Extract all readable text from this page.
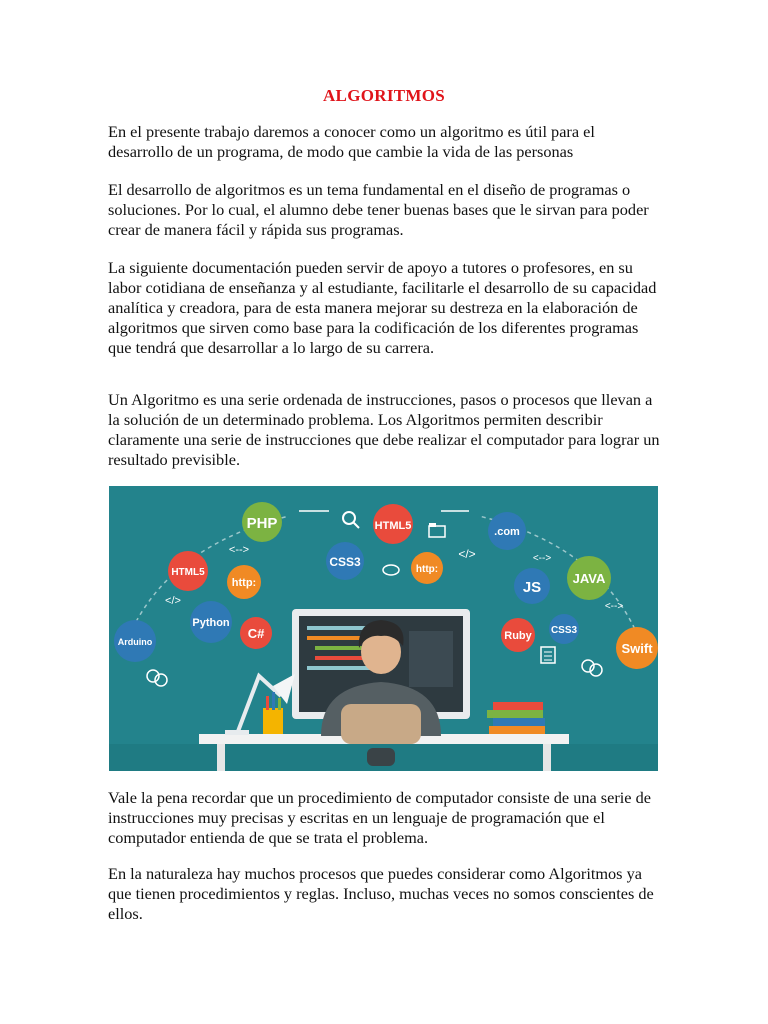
ALGORITMOS

En el presente trabajo daremos a conocer como un algoritmo es útil para el desarrollo de un programa, de modo que cambie la vida de las personas

El desarrollo de algoritmos es un tema fundamental en el diseño de programas o soluciones. Por lo cual, el alumno debe tener buenas bases que le sirvan para poder crear de manera fácil y rápida sus programas.

La siguiente documentación pueden servir de apoyo a tutores o profesores, en su labor cotidiana de enseñanza y al estudiante, facilitarle el desarrollo de su capacidad analítica y creadora, para de esta manera mejorar su destreza en la elaboración de algoritmos que sirven como base para la codificación de los diferentes programas que tendrá que desarrollar a lo largo de su carrera.

Un Algoritmo es una serie ordenada de instrucciones, pasos o procesos que llevan a la solución de un determinado problema. Los Algoritmos permiten describir claramente una serie de instrucciones que debe realizar el computador para lograr un resultado previsible.

PHP	HTML5	.com
HTML5
http:
CSS3
http:
JS
JAVA
Python
C#
Arduino	Ruby CSS3
Swift
<-->	</>	<-->
</>	<-->

Vale la pena recordar que un procedimiento de computador consiste de una serie de instrucciones muy precisas y escritas en un lenguaje de programación que el computador entienda de que se trata el problema.

En la naturaleza hay muchos procesos que puedes considerar como Algoritmos ya que tienen procedimientos y reglas. Incluso, muchas veces no somos conscientes de ellos.
